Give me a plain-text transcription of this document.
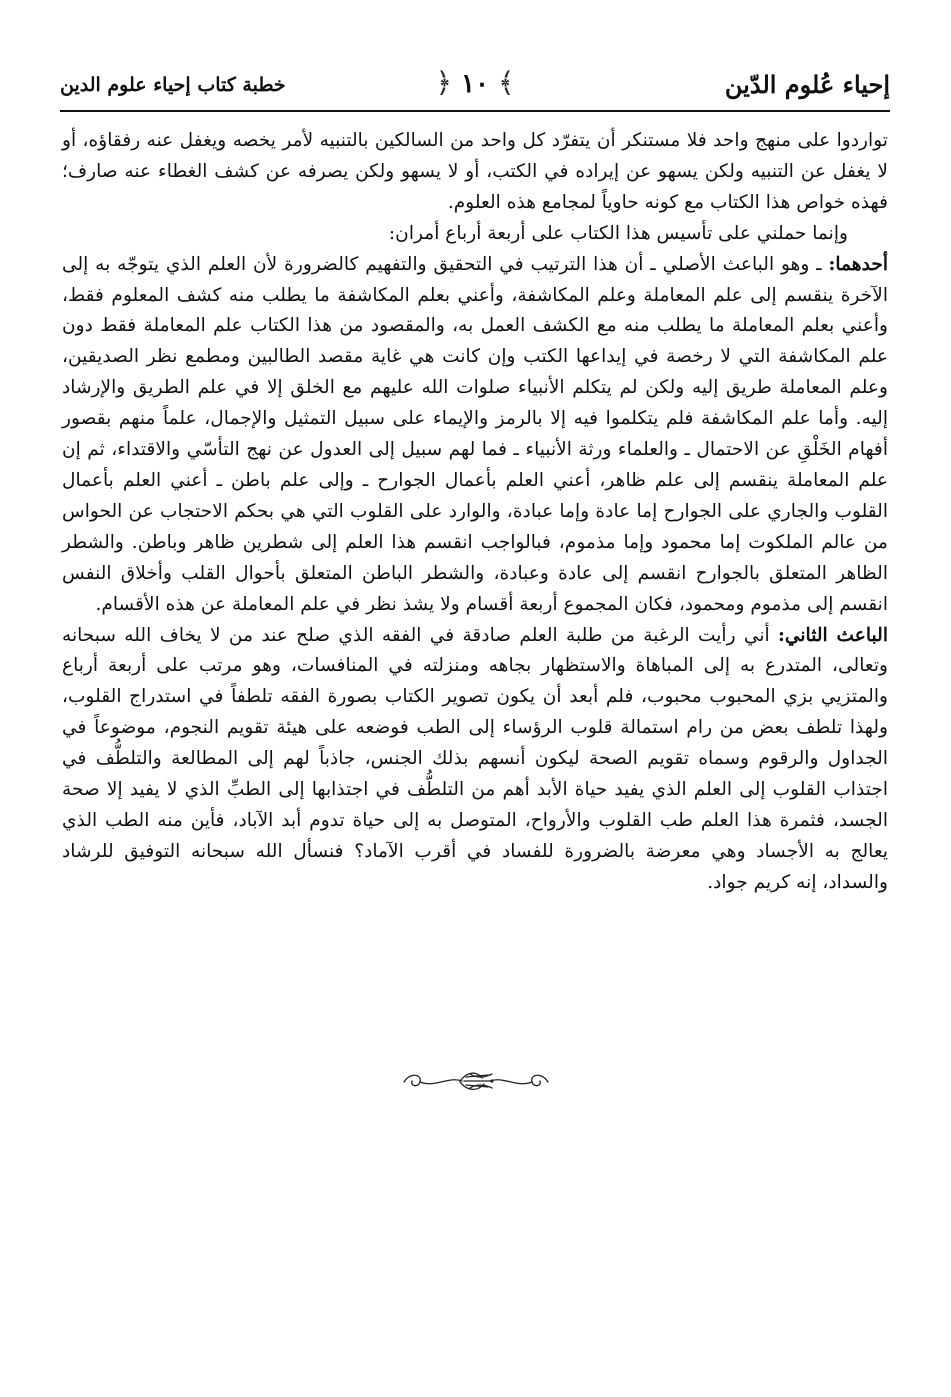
إحياء عُلوم الدّين
﴿ ١٠ ﴾
خطبة كتاب إحياء علوم الدين

تواردوا على منهج واحد فلا مستنكر أن يتفرّد كل واحد من السالكين بالتنبيه لأمر يخصه ويغفل عنه رفقاؤه، أو لا يغفل عن التنبيه ولكن يسهو عن إيراده في الكتب، أو لا يسهو ولكن يصرفه عن كشف الغطاء عنه صارف؛ فهذه خواص هذا الكتاب مع كونه حاوياً لمجامع هذه العلوم.

وإنما حملني على تأسيس هذا الكتاب على أربعة أرباع أمران:

أحدهما: ـ وهو الباعث الأصلي ـ أن هذا الترتيب في التحقيق والتفهيم كالضرورة لأن العلم الذي يتوجّه به إلى الآخرة ينقسم إلى علم المعاملة وعلم المكاشفة، وأعني بعلم المكاشفة ما يطلب منه كشف المعلوم فقط، وأعني بعلم المعاملة ما يطلب منه مع الكشف العمل به، والمقصود من هذا الكتاب علم المعاملة فقط دون علم المكاشفة التي لا رخصة في إيداعها الكتب وإن كانت هي غاية مقصد الطالبين ومطمع نظر الصديقين، وعلم المعاملة طريق إليه ولكن لم يتكلم الأنبياء صلوات الله عليهم مع الخلق إلا في علم الطريق والإرشاد إليه. وأما علم المكاشفة فلم يتكلموا فيه إلا بالرمز والإيماء على سبيل التمثيل والإجمال، علماً منهم بقصور أفهام الخَلْقِ عن الاحتمال ـ والعلماء ورثة الأنبياء ـ فما لهم سبيل إلى العدول عن نهج التأسّي والاقتداء، ثم إن علم المعاملة ينقسم إلى علم ظاهر، أعني العلم بأعمال الجوارح ـ وإلى علم باطن ـ أعني العلم بأعمال القلوب والجاري على الجوارح إما عادة وإما عبادة، والوارد على القلوب التي هي بحكم الاحتجاب عن الحواس من عالم الملكوت إما محمود وإما مذموم، فبالواجب انقسم هذا العلم إلى شطرين ظاهر وباطن. والشطر الظاهر المتعلق بالجوارح انقسم إلى عادة وعبادة، والشطر الباطن المتعلق بأحوال القلب وأخلاق النفس انقسم إلى مذموم ومحمود، فكان المجموع أربعة أقسام ولا يشذ نظر في علم المعاملة عن هذه الأقسام.

الباعث الثاني: أني رأيت الرغبة من طلبة العلم صادقة في الفقه الذي صلح عند من لا يخاف الله سبحانه وتعالى، المتدرع به إلى المباهاة والاستظهار بجاهه ومنزلته في المنافسات، وهو مرتب على أربعة أرباع والمتزيي بزي المحبوب محبوب، فلم أبعد أن يكون تصوير الكتاب بصورة الفقه تلطفاً في استدراج القلوب، ولهذا تلطف بعض من رام استمالة قلوب الرؤساء إلى الطب فوضعه على هيئة تقويم النجوم، موضوعاً في الجداول والرقوم وسماه تقويم الصحة ليكون أنسهم بذلك الجنس، جاذباً لهم إلى المطالعة والتلطُّف في اجتذاب القلوب إلى العلم الذي يفيد حياة الأبد أهم من التلطُّف في اجتذابها إلى الطبِّ الذي لا يفيد إلا صحة الجسد، فثمرة هذا العلم طب القلوب والأرواح، المتوصل به إلى حياة تدوم أبد الآباد، فأين منه الطب الذي يعالج به الأجساد وهي معرضة بالضرورة للفساد في أقرب الآماد؟ فنسأل الله سبحانه التوفيق للرشاد والسداد، إنه كريم جواد.
